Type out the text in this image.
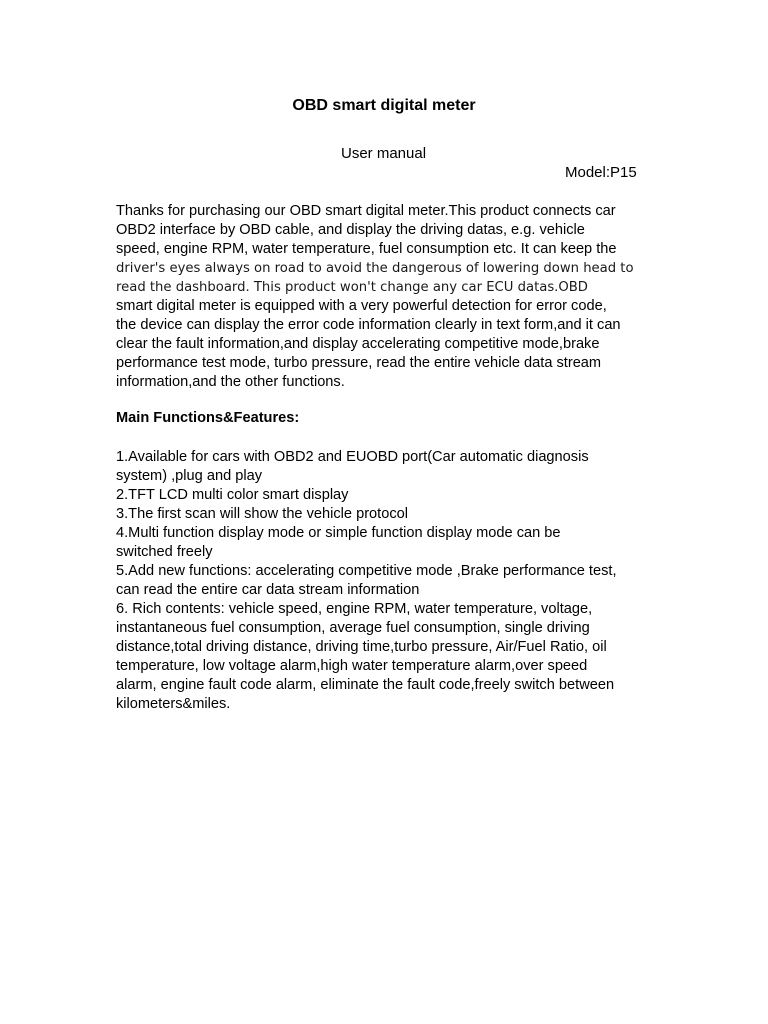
OBD smart digital meter
User manual
Model:P15
Thanks for purchasing our OBD smart digital meter.This product connects car
OBD2 interface by OBD cable, and display the driving datas, e.g. vehicle
speed, engine RPM, water temperature, fuel consumption etc. It can keep the
driver's eyes always on road to avoid the dangerous of lowering down head to
read the dashboard. This product won't change any car ECU datas.OBD
smart digital meter is equipped with a very powerful detection for error code,
the device can display the error code information clearly in text form,and it can
clear the fault information,and display accelerating competitive mode,brake
performance test mode, turbo pressure, read the entire vehicle data stream
information,and the other functions.
Main Functions&Features:
1.Available for cars with OBD2 and EUOBD port(Car automatic diagnosis
system) ,plug and play
2.TFT LCD multi color smart display
3.The first scan will show the vehicle protocol
4.Multi function display mode or simple function display mode can be
switched freely
5.Add new functions: accelerating competitive mode ,Brake performance test,
can read the entire car data stream information
6. Rich contents: vehicle speed, engine RPM, water temperature, voltage,
instantaneous fuel consumption, average fuel consumption, single driving
distance,total driving distance, driving time,turbo pressure, Air/Fuel Ratio, oil
temperature, low voltage alarm,high water temperature alarm,over speed
alarm, engine fault code alarm, eliminate the fault code,freely switch between
kilometers&miles.
